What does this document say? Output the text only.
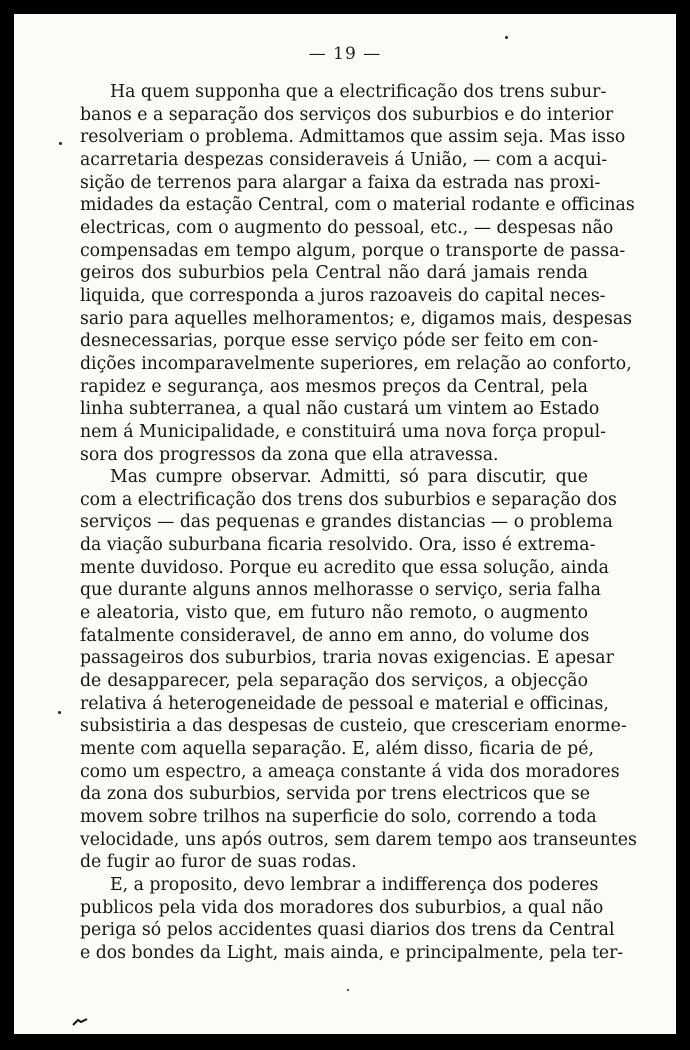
— 19 —
Ha quem supponha que a electrificação dos trens subur-
banos e a separação dos serviços dos suburbios e do interior
resolveriam o problema. Admittamos que assim seja. Mas isso
acarretaria despezas consideraveis á União, — com a acqui-
sição de terrenos para alargar a faixa da estrada nas proxi-
midades da estação Central, com o material rodante e officinas
electricas, com o augmento do pessoal, etc., — despesas não
compensadas em tempo algum, porque o transporte de passa-
geiros dos suburbios pela Central não dará jamais renda
liquida, que corresponda a juros razoaveis do capital neces-
sario para aquelles melhoramentos; e, digamos mais, despesas
desnecessarias, porque esse serviço póde ser feito em con-
dições incomparavelmente superiores, em relação ao conforto,
rapidez e segurança, aos mesmos preços da Central, pela
linha subterranea, a qual não custará um vintem ao Estado
nem á Municipalidade, e constituirá uma nova força propul-
sora dos progressos da zona que ella atravessa.
Mas cumpre observar. Admitti, só para discutir, que
com a electrificação dos trens dos suburbios e separação dos
serviços — das pequenas e grandes distancias — o problema
da viação suburbana ficaria resolvido. Ora, isso é extrema-
mente duvidoso. Porque eu acredito que essa solução, ainda
que durante alguns annos melhorasse o serviço, seria falha
e aleatoria, visto que, em futuro não remoto, o augmento
fatalmente consideravel, de anno em anno, do volume dos
passageiros dos suburbios, traria novas exigencias. E apesar
de desapparecer, pela separação dos serviços, a objecção
relativa á heterogeneidade de pessoal e material e officinas,
subsistiria a das despesas de custeio, que cresceriam enorme-
mente com aquella separação. E, além disso, ficaria de pé,
como um espectro, a ameaça constante á vida dos moradores
da zona dos suburbios, servida por trens electricos que se
movem sobre trilhos na superficie do solo, correndo a toda
velocidade, uns após outros, sem darem tempo aos transeuntes
de fugir ao furor de suas rodas.
E, a proposito, devo lembrar a indifferença dos poderes
publicos pela vida dos moradores dos suburbios, a qual não
periga só pelos accidentes quasi diarios dos trens da Central
e dos bondes da Light, mais ainda, e principalmente, pela ter-
